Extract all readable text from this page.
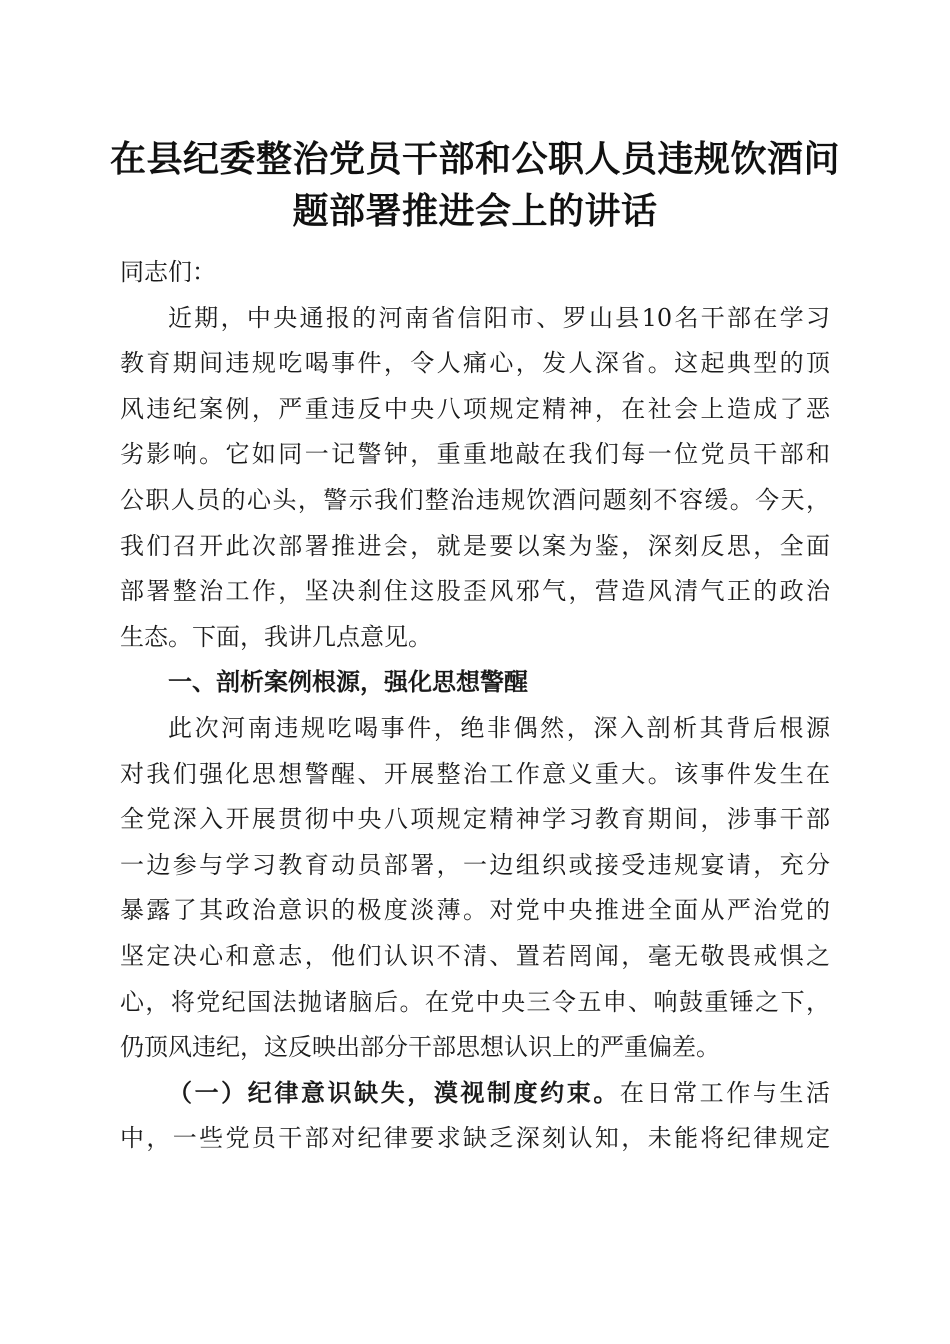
在县纪委整治党员干部和公职人员违规饮酒问
题部署推进会上的讲话
同志们：
近期，中央通报的河南省信阳市、罗山县10名干部在学习
教育期间违规吃喝事件，令人痛心，发人深省。这起典型的顶
风违纪案例，严重违反中央八项规定精神，在社会上造成了恶
劣影响。它如同一记警钟，重重地敲在我们每一位党员干部和
公职人员的心头，警示我们整治违规饮酒问题刻不容缓。今天，
我们召开此次部署推进会，就是要以案为鉴，深刻反思，全面
部署整治工作，坚决刹住这股歪风邪气，营造风清气正的政治
生态。下面，我讲几点意见。
一、剖析案例根源，强化思想警醒
此次河南违规吃喝事件，绝非偶然，深入剖析其背后根源
对我们强化思想警醒、开展整治工作意义重大。该事件发生在
全党深入开展贯彻中央八项规定精神学习教育期间，涉事干部
一边参与学习教育动员部署，一边组织或接受违规宴请，充分
暴露了其政治意识的极度淡薄。对党中央推进全面从严治党的
坚定决心和意志，他们认识不清、置若罔闻，毫无敬畏戒惧之
心，将党纪国法抛诸脑后。在党中央三令五申、响鼓重锤之下，
仍顶风违纪，这反映出部分干部思想认识上的严重偏差。
（一）纪律意识缺失，漠视制度约束。在日常工作与生活
中，一些党员干部对纪律要求缺乏深刻认知，未能将纪律规定
